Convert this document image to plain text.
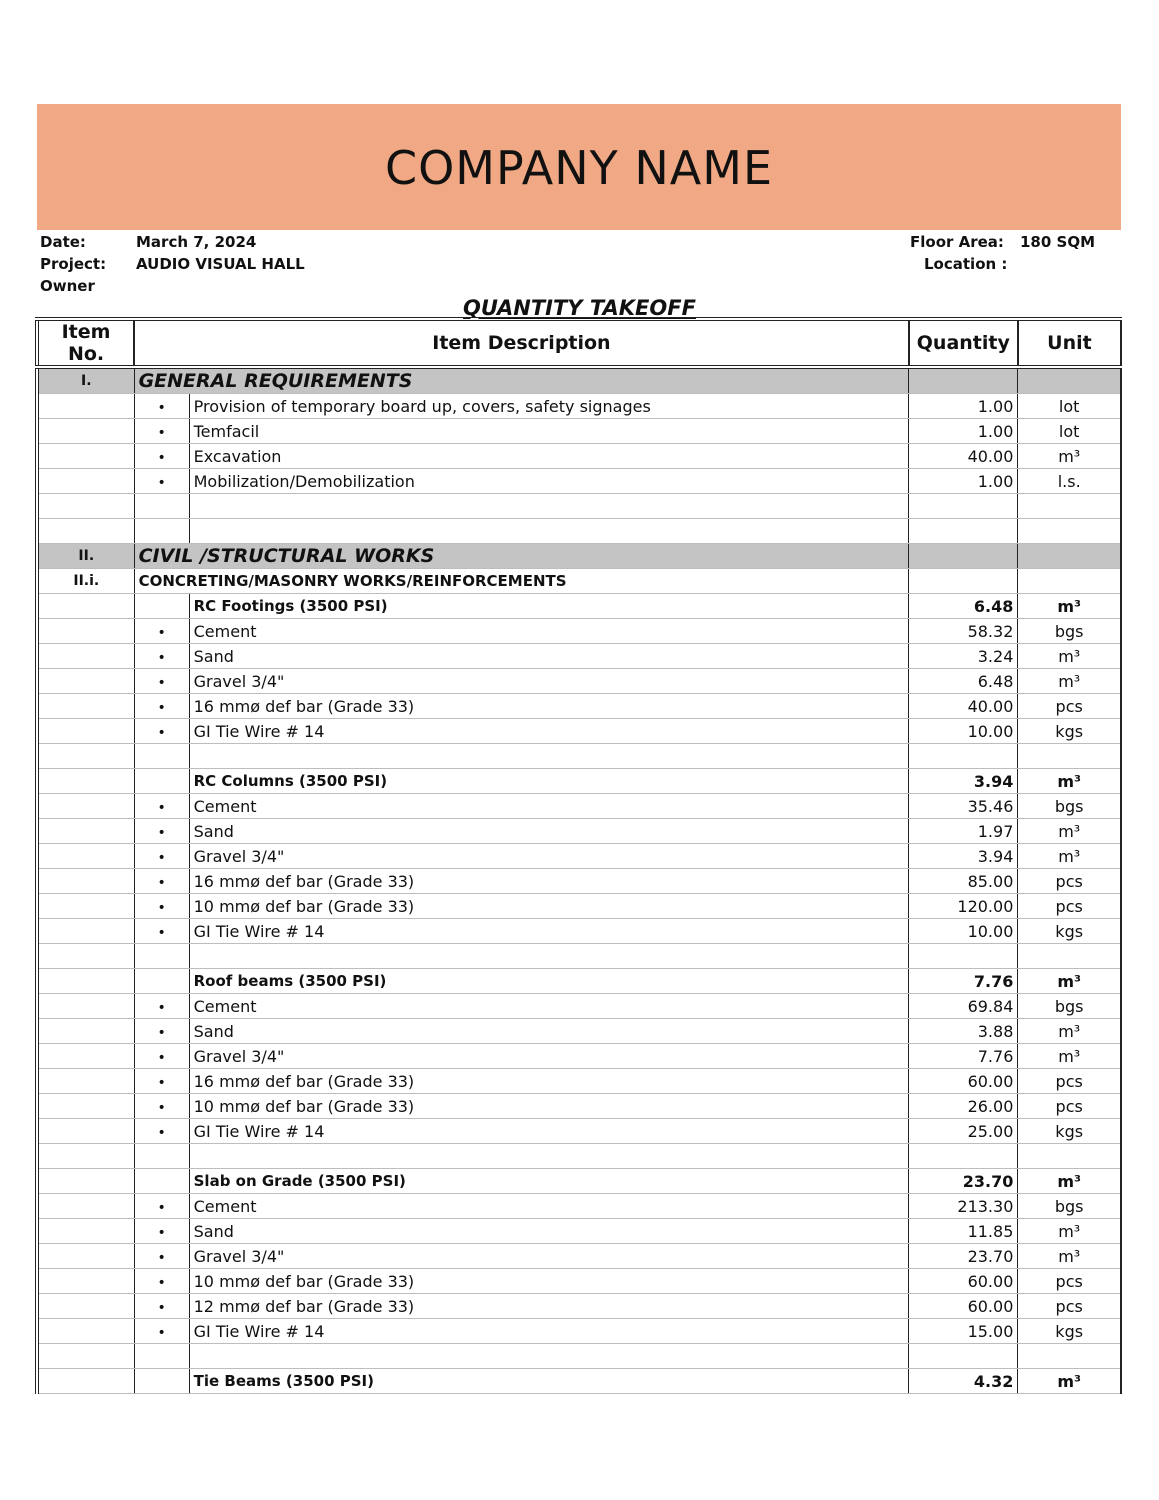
COMPANY NAME
Date:	March 7, 2024
Project: AUDIO VISUAL HALL
Owner
Floor Area: 180 SQM
Location :
QUANTITY TAKEOFF
Item No.	Item Description		Quantity	Unit
I.	GENERAL REQUIREMENTS			
	•	Provision of temporary board up, covers, safety signages	1.00	lot
	•	Temfacil	1.00	lot
	•	Excavation	40.00	m³
	•	Mobilization/Demobilization	1.00	l.s.

II.	CIVIL /STRUCTURAL WORKS			
II.i.	CONCRETING/MASONRY WORKS/REINFORCEMENTS			
		RC Footings (3500 PSI)	6.48	m³
	•	Cement	58.32	bgs
	•	Sand	3.24	m³
	•	Gravel 3/4"	6.48	m³
	•	16 mmø def bar (Grade 33)	40.00	pcs
	•	GI Tie Wire # 14	10.00	kgs

		RC Columns (3500 PSI)	3.94	m³
	•	Cement	35.46	bgs
	•	Sand	1.97	m³
	•	Gravel 3/4"	3.94	m³
	•	16 mmø def bar (Grade 33)	85.00	pcs
	•	10 mmø def bar (Grade 33)	120.00	pcs
	•	GI Tie Wire # 14	10.00	kgs

		Roof beams (3500 PSI)	7.76	m³
	•	Cement	69.84	bgs
	•	Sand	3.88	m³
	•	Gravel 3/4"	7.76	m³
	•	16 mmø def bar (Grade 33)	60.00	pcs
	•	10 mmø def bar (Grade 33)	26.00	pcs
	•	GI Tie Wire # 14	25.00	kgs

		Slab on Grade (3500 PSI)	23.70	m³
	•	Cement	213.30	bgs
	•	Sand	11.85	m³
	•	Gravel 3/4"	23.70	m³
	•	10 mmø def bar (Grade 33)	60.00	pcs
	•	12 mmø def bar (Grade 33)	60.00	pcs
	•	GI Tie Wire # 14	15.00	kgs

		Tie Beams (3500 PSI)	4.32	m³
